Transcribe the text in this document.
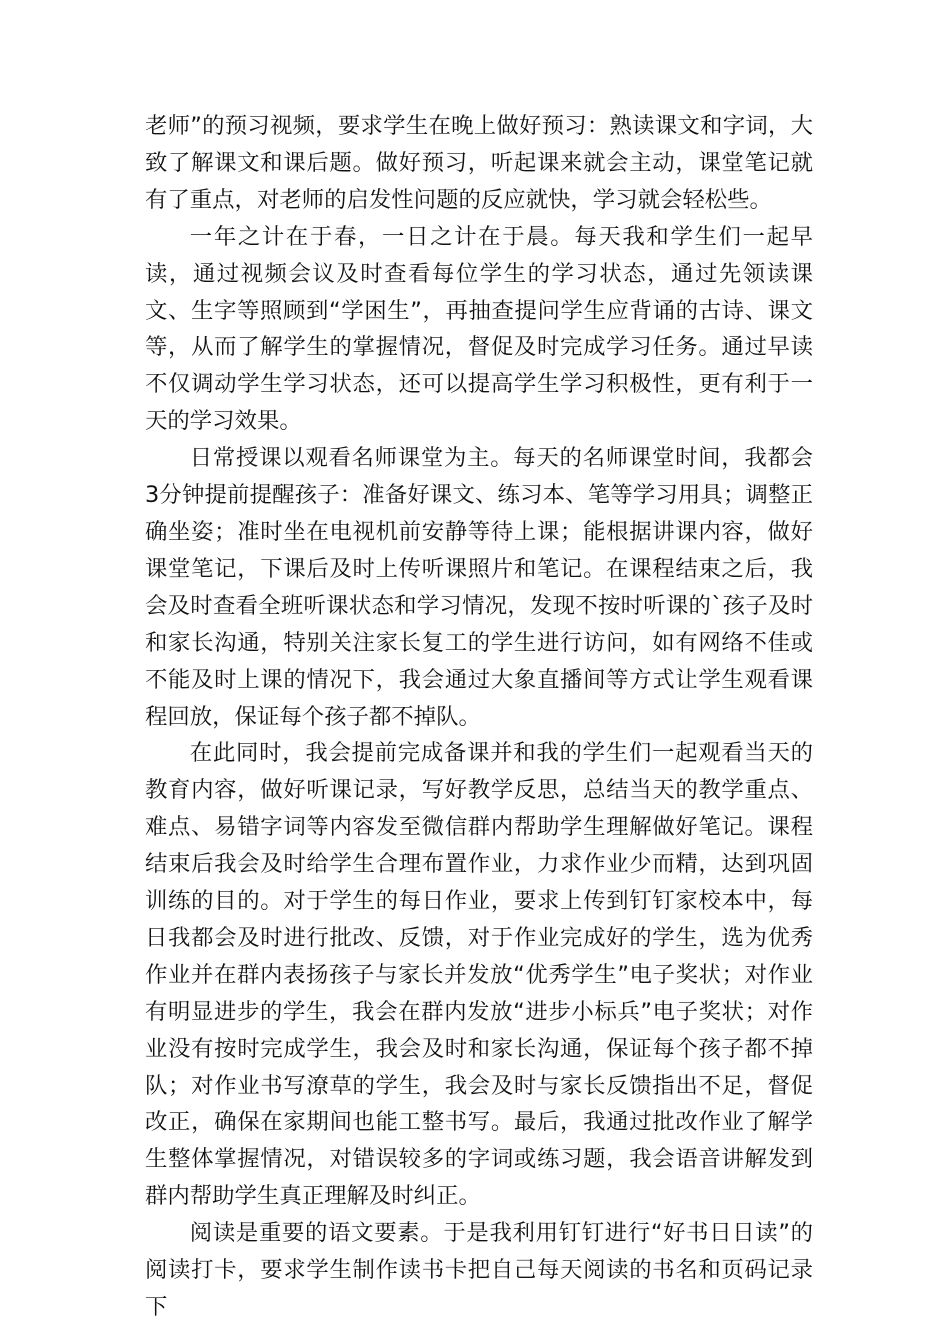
老师”的预习视频，要求学生在晚上做好预习：熟读课文和字词，大致了解课文和课后题。做好预习，听起课来就会主动，课堂笔记就有了重点，对老师的启发性问题的反应就快，学习就会轻松些。

一年之计在于春，一日之计在于晨。每天我和学生们一起早读，通过视频会议及时查看每位学生的学习状态，通过先领读课文、生字等照顾到“学困生”，再抽查提问学生应背诵的古诗、课文等，从而了解学生的掌握情况，督促及时完成学习任务。通过早读不仅调动学生学习状态，还可以提高学生学习积极性，更有利于一天的学习效果。

日常授课以观看名师课堂为主。每天的名师课堂时间，我都会 3分钟提前提醒孩子：准备好课文、练习本、笔等学习用具；调整正确坐姿；准时坐在电视机前安静等待上课；能根据讲课内容，做好课堂笔记，下课后及时上传听课照片和笔记。在课程结束之后，我会及时查看全班听课状态和学习情况，发现不按时听课的`孩子及时和家长沟通，特别关注家长复工的学生进行访问，如有网络不佳或不能及时上课的情况下，我会通过大象直播间等方式让学生观看课程回放，保证每个孩子都不掉队。

在此同时，我会提前完成备课并和我的学生们一起观看当天的教育内容，做好听课记录，写好教学反思，总结当天的教学重点、难点、易错字词等内容发至微信群内帮助学生理解做好笔记。课程结束后我会及时给学生合理布置作业，力求作业少而精，达到巩固训练的目的。对于学生的每日作业，要求上传到钉钉家校本中，每日我都会及时进行批改、反馈，对于作业完成好的学生，选为优秀作业并在群内表扬孩子与家长并发放“优秀学生”电子奖状；对作业有明显进步的学生，我会在群内发放“进步小标兵”电子奖状；对作业没有按时完成学生，我会及时和家长沟通，保证每个孩子都不掉队；对作业书写潦草的学生，我会及时与家长反馈指出不足，督促改正，确保在家期间也能工整书写。最后，我通过批改作业了解学生整体掌握情况，对错误较多的字词或练习题，我会语音讲解发到群内帮助学生真正理解及时纠正。

阅读是重要的语文要素。于是我利用钉钉进行“好书日日读”的阅读打卡，要求学生制作读书卡把自己每天阅读的书名和页码记录下
